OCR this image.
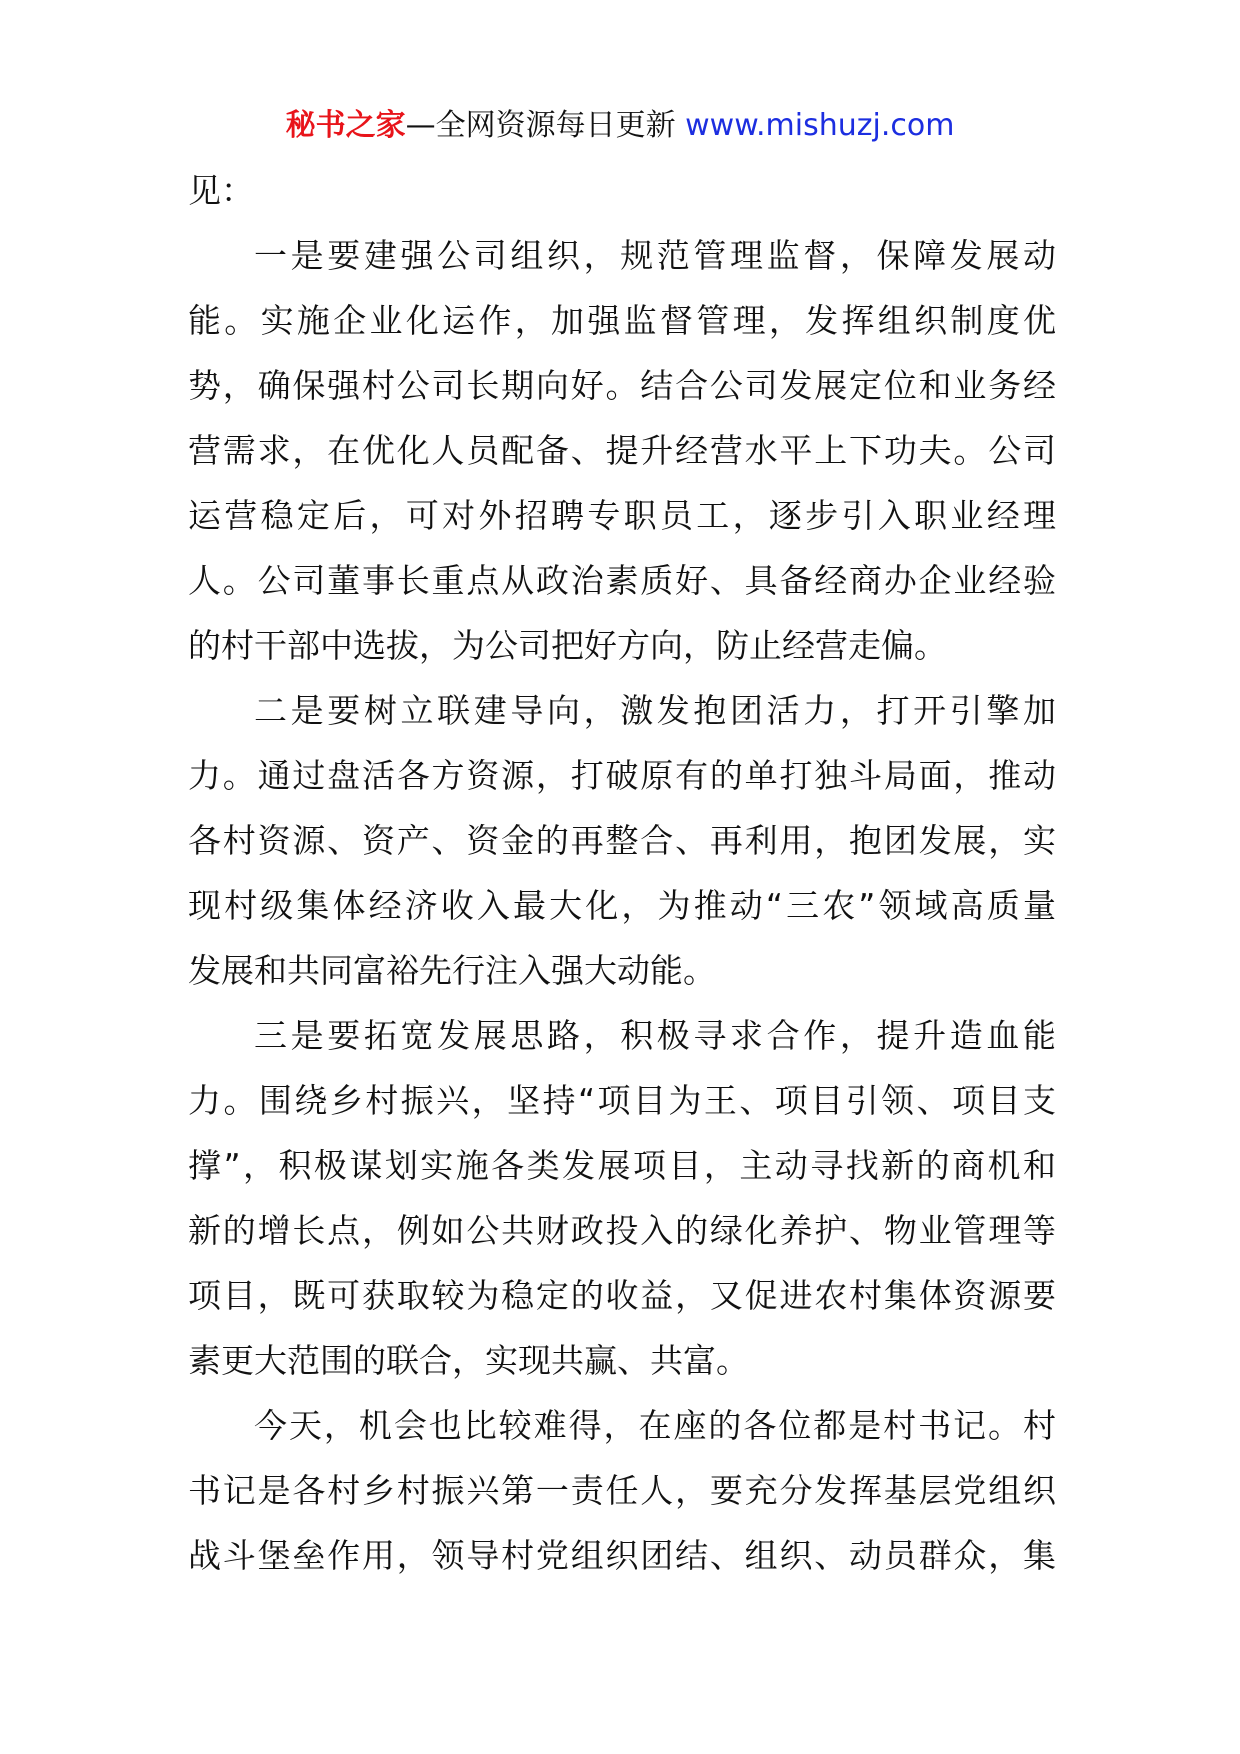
秘书之家—全网资源每日更新 www.mishuzj.com
见：
一是要建强公司组织，规范管理监督，保障发展动
能。实施企业化运作，加强监督管理，发挥组织制度优
势，确保强村公司长期向好。结合公司发展定位和业务经
营需求，在优化人员配备、提升经营水平上下功夫。公司
运营稳定后，可对外招聘专职员工，逐步引入职业经理
人。公司董事长重点从政治素质好、具备经商办企业经验
的村干部中选拔，为公司把好方向，防止经营走偏。
二是要树立联建导向，激发抱团活力，打开引擎加
力。通过盘活各方资源，打破原有的单打独斗局面，推动
各村资源、资产、资金的再整合、再利用，抱团发展，实
现村级集体经济收入最大化，为推动“三农”领域高质量
发展和共同富裕先行注入强大动能。
三是要拓宽发展思路，积极寻求合作，提升造血能
力。围绕乡村振兴，坚持“项目为王、项目引领、项目支
撑”，积极谋划实施各类发展项目，主动寻找新的商机和
新的增长点，例如公共财政投入的绿化养护、物业管理等
项目，既可获取较为稳定的收益，又促进农村集体资源要
素更大范围的联合，实现共赢、共富。
今天，机会也比较难得，在座的各位都是村书记。村
书记是各村乡村振兴第一责任人，要充分发挥基层党组织
战斗堡垒作用，领导村党组织团结、组织、动员群众，集
